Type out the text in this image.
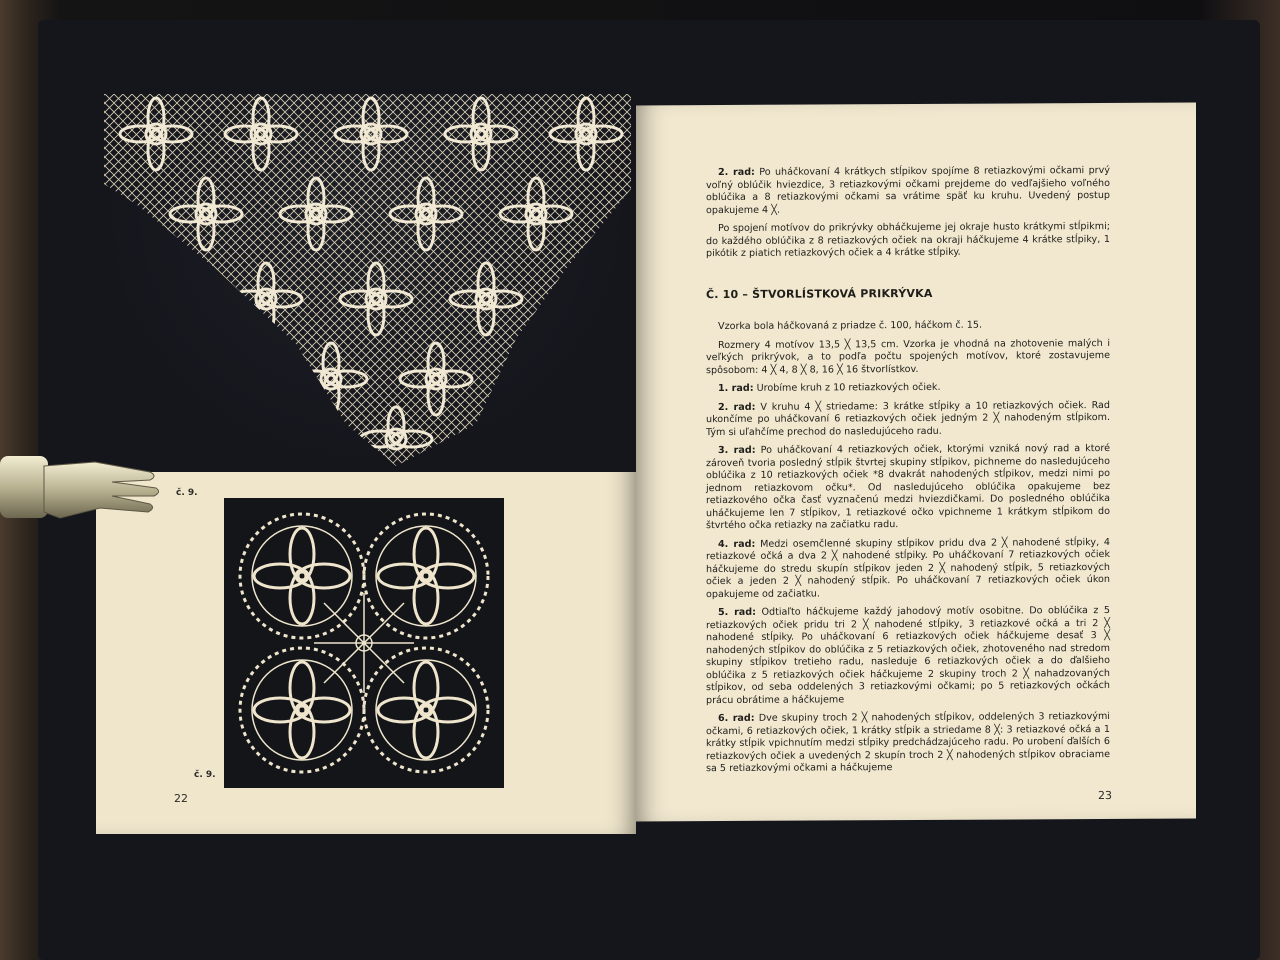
č. 9.
č. 9.
22

2. rad: Po uháčkovaní 4 krátkych stĺpikov spojíme 8 retiazkovými očkami prvý voľný oblúčik hviezdice, 3 retiazkovými očkami prejdeme do vedľajšieho voľného oblúčika a 8 retiazkovými očkami sa vrátime späť ku kruhu. Uvedený postup opakujeme 4 ╳.

Po spojení motívov do prikrývky obháčkujeme jej okraje husto krátkymi stĺpikmi; do každého oblúčika z 8 retiazkových očiek na okraji háčkujeme 4 krátke stĺpiky, 1 pikótik z piatich retiazkových očiek a 4 krátke stĺpiky.

Č. 10 – ŠTVORLÍSTKOVÁ PRIKRÝVKA

Vzorka bola háčkovaná z priadze č. 100, háčkom č. 15.

Rozmery 4 motívov 13,5 ╳ 13,5 cm. Vzorka je vhodná na zhotovenie malých i veľkých prikrývok, a to podľa počtu spojených motívov, ktoré zostavujeme spôsobom: 4 ╳ 4, 8 ╳ 8, 16 ╳ 16 štvorlístkov.

1. rad: Urobíme kruh z 10 retiazkových očiek.

2. rad: V kruhu 4 ╳ striedame: 3 krátke stĺpiky a 10 retiazkových očiek. Rad ukončíme po uháčkovaní 6 retiazkových očiek jedným 2 ╳ nahodeným stĺpikom. Tým si uľahčíme prechod do nasledujúceho radu.

3. rad: Po uháčkovaní 4 retiazkových očiek, ktorými vzniká nový rad a ktoré zároveň tvoria posledný stĺpik štvrtej skupiny stĺpikov, pichneme do nasledujúceho oblúčika z 10 retiazkových očiek *8 dvakrát nahodených stĺpikov, medzi nimi po jednom retiazkovom očku*. Od nasledujúceho oblúčika opakujeme bez retiazkového očka časť vyznačenú medzi hviezdičkami. Do posledného oblúčika uháčkujeme len 7 stĺpikov, 1 retiazkové očko vpichneme 1 krátkym stĺpikom do štvrtého očka retiazky na začiatku radu.

4. rad: Medzi osemčlenné skupiny stĺpikov pridu dva 2 ╳ nahodené stĺpiky, 4 retiazkové očká a dva 2 ╳ nahodené stĺpiky. Po uháčkovaní 7 retiazkových očiek háčkujeme do stredu skupín stĺpikov jeden 2 ╳ nahodený stĺpik, 5 retiazkových očiek a jeden 2 ╳ nahodený stĺpik. Po uháčkovaní 7 retiazkových očiek úkon opakujeme od začiatku.

5. rad: Odtiaľto háčkujeme každý jahodový motív osobitne. Do oblúčika z 5 retiazkových očiek pridu tri 2 ╳ nahodené stĺpiky, 3 retiazkové očká a tri 2 ╳ nahodené stĺpiky. Po uháčkovaní 6 retiazkových očiek háčkujeme desať 3 ╳ nahodených stĺpikov do oblúčika z 5 retiazkových očiek, zhotoveného nad stredom skupiny stĺpikov tretieho radu, nasleduje 6 retiazkových očiek a do ďalšieho oblúčika z 5 retiazkových očiek háčkujeme 2 skupiny troch 2 ╳ nahadzovaných stĺpikov, od seba oddelených 3 retiazkovými očkami; po 5 retiazkových očkách prácu obrátime a háčkujeme

6. rad: Dve skupiny troch 2 ╳ nahodených stĺpikov, oddelených 3 retiazkovými očkami, 6 retiazkových očiek, 1 krátky stĺpik a striedame 8 ╳: 3 retiazkové očká a 1 krátky stĺpik vpichnutím medzi stĺpiky predchádzajúceho radu. Po urobení ďalších 6 retiazkových očiek a uvedených 2 skupín troch 2 ╳ nahodených stĺpikov obraciame sa 5 retiazkovými očkami a háčkujeme

23
